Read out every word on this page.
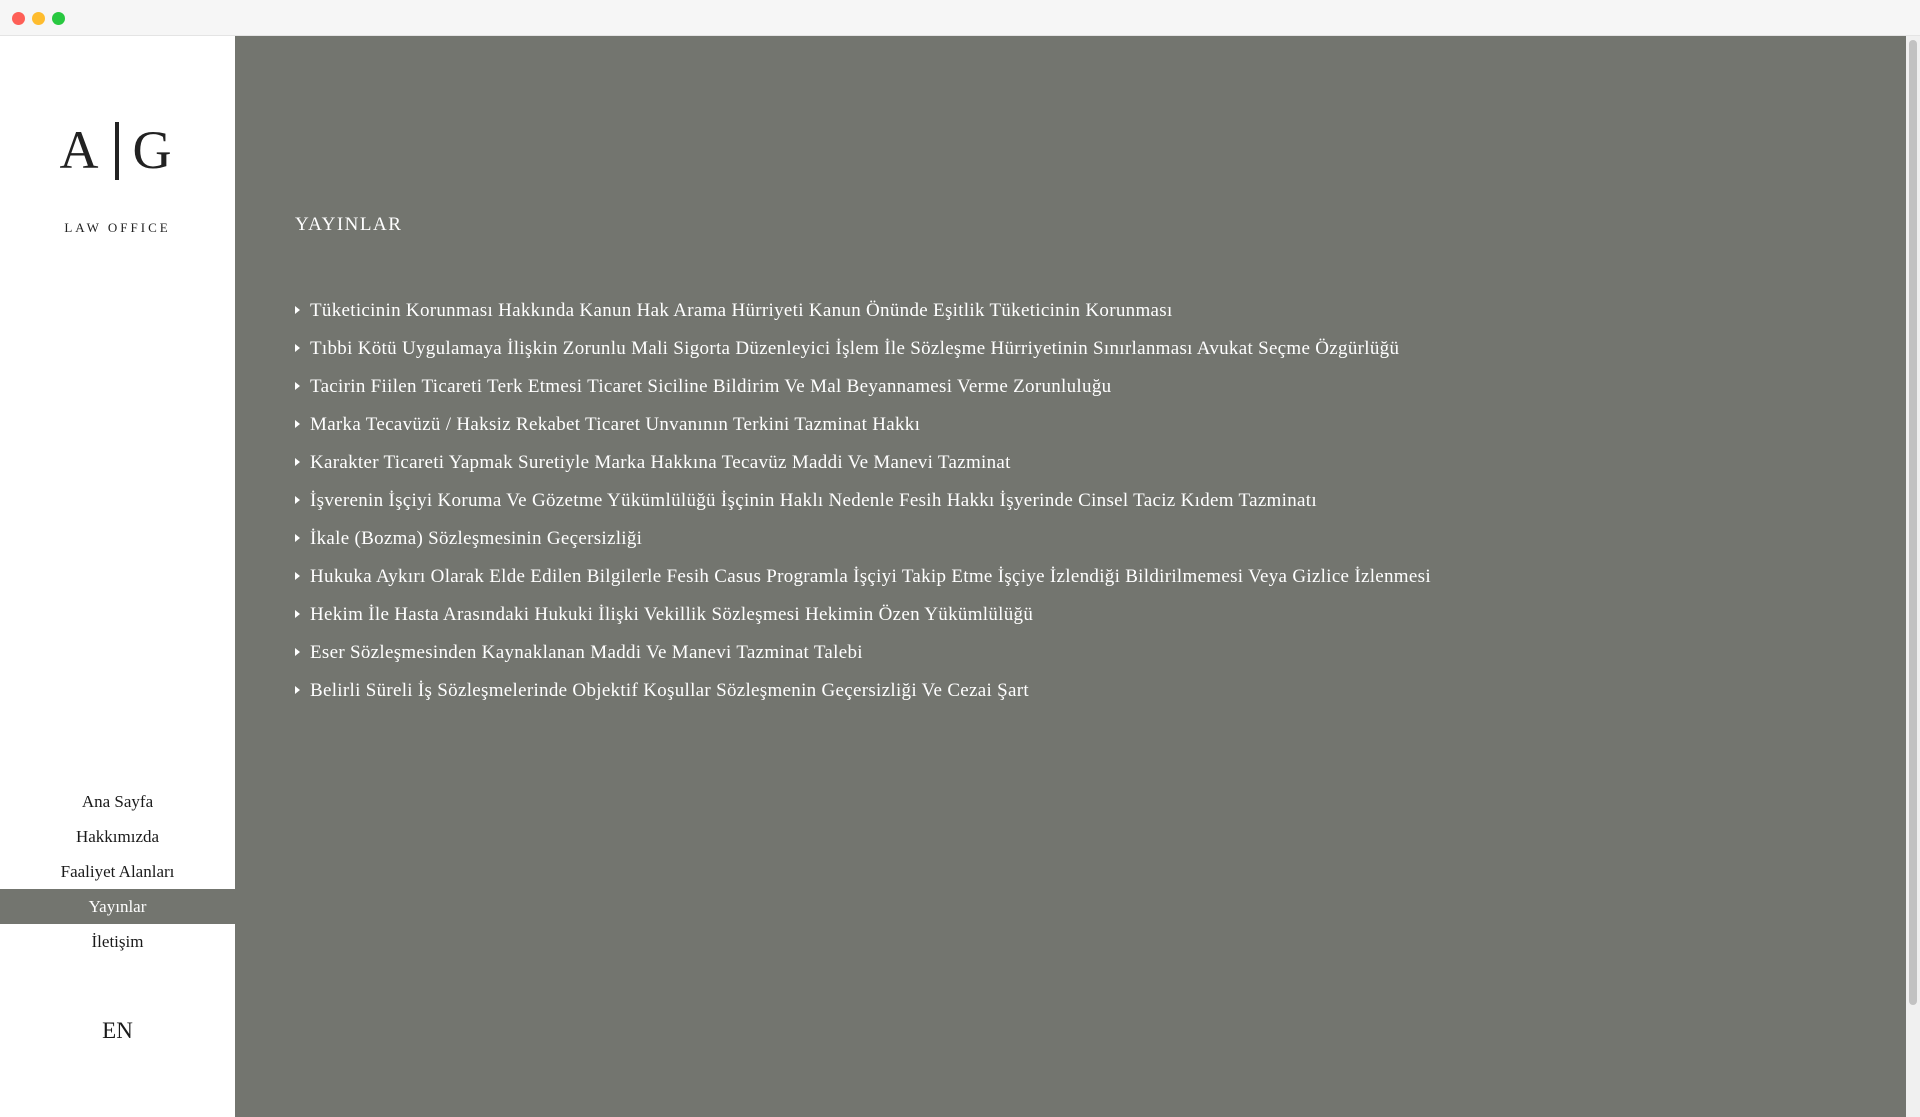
A G
LAW OFFICE
Ana Sayfa
Hakkımızda
Faaliyet Alanları
Yayınlar
İletişim
EN
YAYINLAR
Tüketicinin Korunması Hakkında Kanun Hak Arama Hürriyeti Kanun Önünde Eşitlik Tüketicinin Korunması
Tıbbi Kötü Uygulamaya İlişkin Zorunlu Mali Sigorta Düzenleyici İşlem İle Sözleşme Hürriyetinin Sınırlanması Avukat Seçme Özgürlüğü
Tacirin Fiilen Ticareti Terk Etmesi Ticaret Siciline Bildirim Ve Mal Beyannamesi Verme Zorunluluğu
Marka Tecavüzü / Haksiz Rekabet Ticaret Unvanının Terkini Tazminat Hakkı
Karakter Ticareti Yapmak Suretiyle Marka Hakkına Tecavüz Maddi Ve Manevi Tazminat
İşverenin İşçiyi Koruma Ve Gözetme Yükümlülüğü İşçinin Haklı Nedenle Fesih Hakkı İşyerinde Cinsel Taciz Kıdem Tazminatı
İkale (Bozma) Sözleşmesinin Geçersizliği
Hukuka Aykırı Olarak Elde Edilen Bilgilerle Fesih Casus Programla İşçiyi Takip Etme İşçiye İzlendiği Bildirilmemesi Veya Gizlice İzlenmesi
Hekim İle Hasta Arasındaki Hukuki İlişki Vekillik Sözleşmesi Hekimin Özen Yükümlülüğü
Eser Sözleşmesinden Kaynaklanan Maddi Ve Manevi Tazminat Talebi
Belirli Süreli İş Sözleşmelerinde Objektif Koşullar Sözleşmenin Geçersizliği Ve Cezai Şart
